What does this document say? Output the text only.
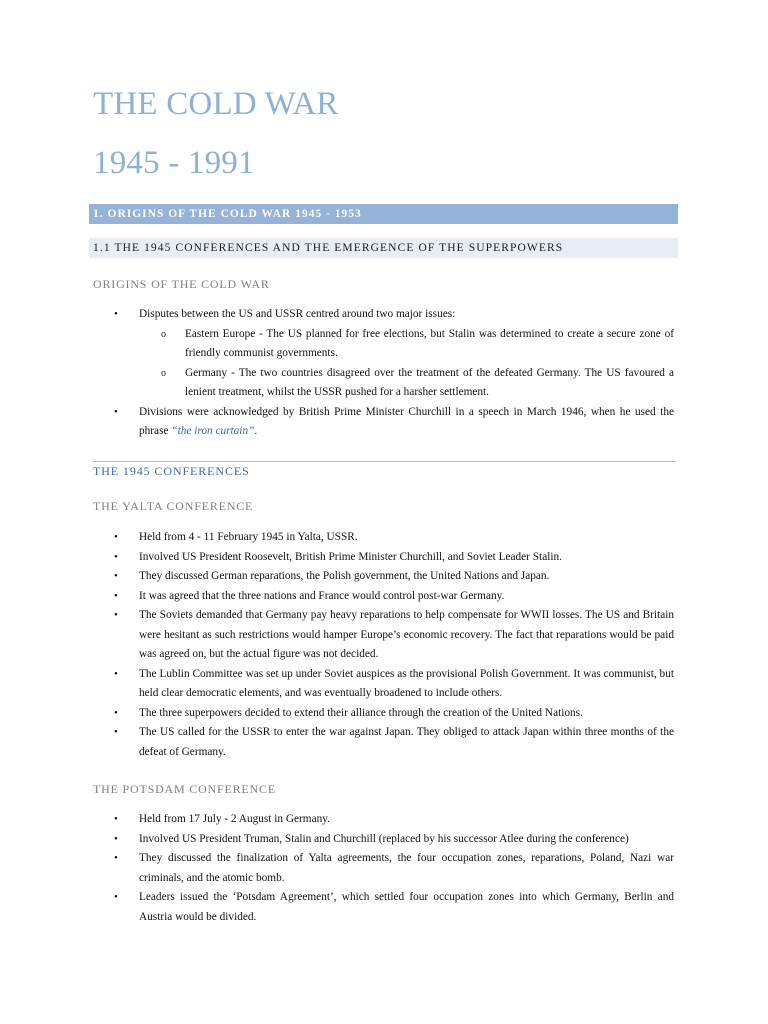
THE COLD WAR
1945 - 1991
1. ORIGINS OF THE COLD WAR 1945 - 1953
1.1 THE 1945 CONFERENCES AND THE EMERGENCE OF THE SUPERPOWERS
ORIGINS OF THE COLD WAR
• Disputes between the US and USSR centred around two major issues:
o Eastern Europe - The US planned for free elections, but Stalin was determined to create a secure zone of friendly communist governments.
o Germany - The two countries disagreed over the treatment of the defeated Germany. The US favoured a lenient treatment, whilst the USSR pushed for a harsher settlement.
• Divisions were acknowledged by British Prime Minister Churchill in a speech in March 1946, when he used the phrase “the iron curtain”.
THE 1945 CONFERENCES
THE YALTA CONFERENCE
• Held from 4 - 11 February 1945 in Yalta, USSR.
• Involved US President Roosevelt, British Prime Minister Churchill, and Soviet Leader Stalin.
• They discussed German reparations, the Polish government, the United Nations and Japan.
• It was agreed that the three nations and France would control post-war Germany.
• The Soviets demanded that Germany pay heavy reparations to help compensate for WWII losses. The US and Britain were hesitant as such restrictions would hamper Europe’s economic recovery. The fact that reparations would be paid was agreed on, but the actual figure was not decided.
• The Lublin Committee was set up under Soviet auspices as the provisional Polish Government. It was communist, but held clear democratic elements, and was eventually broadened to include others.
• The three superpowers decided to extend their alliance through the creation of the United Nations.
• The US called for the USSR to enter the war against Japan. They obliged to attack Japan within three months of the defeat of Germany.
THE POTSDAM CONFERENCE
• Held from 17 July - 2 August in Germany.
• Involved US President Truman, Stalin and Churchill (replaced by his successor Atlee during the conference)
• They discussed the finalization of Yalta agreements, the four occupation zones, reparations, Poland, Nazi war criminals, and the atomic bomb.
• Leaders issued the ‘Potsdam Agreement’, which settled four occupation zones into which Germany, Berlin and Austria would be divided.
